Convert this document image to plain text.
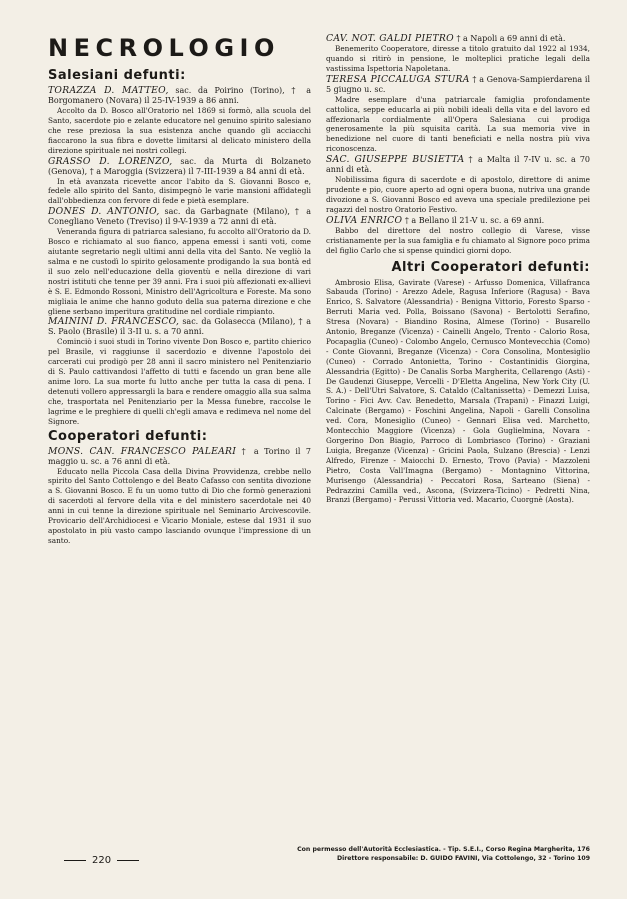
NECROLOGIO
Salesiani defunti:

TORAZZA D. MATTEO, sac. da Poirino (Torino), † a Borgomanero (Novara) il 25-IV-1939 a 86 anni.

Accolto da D. Bosco all'Oratorio nel 1869 si formò, alla scuola del Santo, sacerdote pio e zelante educatore nel genuino spirito salesiano che rese preziosa la sua esistenza anche quando gli acciacchi fiaccarono la sua fibra e dovette limitarsi al delicato ministero della direzione spirituale nei nostri collegi.

GRASSO D. LORENZO, sac. da Murta di Bolzaneto (Genova), † a Maroggia (Svizzera) il 7-III-1939 a 84 anni di età.

In età avanzata ricevette ancor l'abito da S. Giovanni Bosco e, fedele allo spirito del Santo, disimpegnò le varie mansioni affidategli dall'obbedienza con fervore di fede e pietà esemplare.

DONES D. ANTONIO, sac. da Garbagnate (Milano), † a Conegliano Veneto (Treviso) il 9-V-1939 a 72 anni di età.

Veneranda figura di patriarca salesiano, fu accolto all'Oratorio da D. Bosco e richiamato al suo fianco, appena emessi i santi voti, come aiutante segretario negli ultimi anni della vita del Santo. Ne vegliò la salma e ne custodì lo spirito gelosamente prodigando la sua bontà ed il suo zelo nell'educazione della gioventù e nella direzione di vari nostri istituti che tenne per 39 anni. Fra i suoi più affezionati ex-allievi è S. E. Edmondo Rossoni, Ministro dell'Agricoltura e Foreste. Ma sono migliaia le anime che hanno goduto della sua paterna direzione e che gliene serbano imperitura gratitudine nel cordiale rimpianto.

MAININI D. FRANCESCO, sac. da Golasecca (Milano), † a S. Paolo (Brasile) il 3-II u. s. a 70 anni.

Cominciò i suoi studi in Torino vivente Don Bosco e, partito chierico pel Brasile, vi raggiunse il sacerdozio e divenne l'apostolo dei carcerati cui prodigò per 28 anni il sacro ministero nel Penitenziario di S. Paulo cattivandosi l'affetto di tutti e facendo un gran bene alle anime loro. La sua morte fu lutto anche per tutta la casa di pena. I detenuti vollero appressargli la bara e rendere omaggio alla sua salma che, trasportata nel Penitenziario per la Messa funebre, raccolse le lagrime e le preghiere di quelli ch'egli amava e redimeva nel nome del Signore.

Cooperatori defunti:

MONS. CAN. FRANCESCO PALEARI † a Torino il 7 maggio u. sc. a 76 anni di età.

Educato nella Piccola Casa della Divina Provvidenza, crebbe nello spirito del Santo Cottolengo e del Beato Cafasso con sentita divozione a S. Giovanni Bosco. E fu un uomo tutto di Dio che formò generazioni di sacerdoti al fervore della vita e del ministero sacerdotale nei 40 anni in cui tenne la direzione spirituale nel Seminario Arcivescovile. Provicario dell'Archidiocesi e Vicario Moniale, estese dal 1931 il suo apostolato in più vasto campo lasciando ovunque l'impressione di un santo.

CAV. NOT. GALDI PIETRO † a Napoli a 69 anni di età.

Benemerito Cooperatore, diresse a titolo gratuito dal 1922 al 1934, quando si ritirò in pensione, le molteplici pratiche legali della vastissima Ispettoria Napoletana.

TERESA PICCALUGA STURA † a Genova-Sampierdarena il 5 giugno u. sc.

Madre esemplare d'una patriarcale famiglia profondamente cattolica, seppe educarla ai più nobili ideali della vita e del lavoro ed affezionarla cordialmente all'Opera Salesiana cui prodiga generosamente la più squisita carità. La sua memoria vive in benedizione nel cuore di tanti beneficiati e nella nostra più viva riconoscenza.

SAC. GIUSEPPE BUSIETTA † a Malta il 7-IV u. sc. a 70 anni di età.

Nobilissima figura di sacerdote e di apostolo, direttore di anime prudente e pio, cuore aperto ad ogni opera buona, nutriva una grande divozione a S. Giovanni Bosco ed aveva una speciale predilezione pei ragazzi del nostro Oratorio Festivo.

OLIVA ENRICO † a Bellano il 21-V u. sc. a 69 anni.

Babbo del direttore del nostro collegio di Varese, visse cristianamente per la sua famiglia e fu chiamato al Signore poco prima del figlio Carlo che si spense quindici giorni dopo.

Altri Cooperatori defunti:

Ambrosio Elisa, Gavirate (Varese) - Arfusso Domenica, Villafranca Sabauda (Torino) - Arezzo Adele, Ragusa Inferiore (Ragusa) - Bava Enrico, S. Salvatore (Alessandria) - Benigna Vittorio, Foresto Sparso - Berruti Maria ved. Polla, Boissano (Savona) - Bertolotti Serafino, Stresa (Novara) - Biandino Rosina, Almese (Torino) - Busarello Antonio, Breganze (Vicenza) - Cainelli Angelo, Trento - Calorio Rosa, Pocapaglia (Cuneo) - Colombo Angelo, Cernusco Montevecchia (Como) - Conte Giovanni, Breganze (Vicenza) - Cora Consolina, Montesiglio (Cuneo) - Corrado Antonietta, Torino - Costantinidis Giorgina, Alessandria (Egitto) - De Canalis Sorba Margherita, Cellarengo (Asti) - De Gaudenzi Giuseppe, Vercelli - D'Eletta Angelina, New York City (U. S. A.) - Dell'Utri Salvatore, S. Cataldo (Caltanissetta) - Demezzi Luisa, Torino - Fici Avv. Cav. Benedetto, Marsala (Trapani) - Finazzi Luigi, Calcinate (Bergamo) - Foschini Angelina, Napoli - Garelli Consolina ved. Cora, Monesiglio (Cuneo) - Gennari Elisa ved. Marchetto, Montecchio Maggiore (Vicenza) - Gola Guglielmina, Novara - Gorgerino Don Biagio, Parroco di Lombriasco (Torino) - Graziani Luigia, Breganze (Vicenza) - Gricini Paola, Sulzano (Brescia) - Lenzi Alfredo, Firenze - Maiocchi D. Ernesto, Trovo (Pavia) - Mazzoleni Pietro, Costa Vall'Imagna (Bergamo) - Montagnino Vittorina, Murisengo (Alessandria) - Peccatori Rosa, Sarteano (Siena) - Pedrazzini Camilla ved., Ascona, (Svizzera-Ticino) - Pedretti Nina, Branzi (Bergamo) - Perussi Vittoria ved. Macario, Cuorgnè (Aosta).

220
Con permesso dell'Autorità Ecclesiastica. - Tip. S.E.I., Corso Regina Margherita, 176
Direttore responsabile: D. GUIDO FAVINI, Via Cottolengo, 32 - Torino 109
